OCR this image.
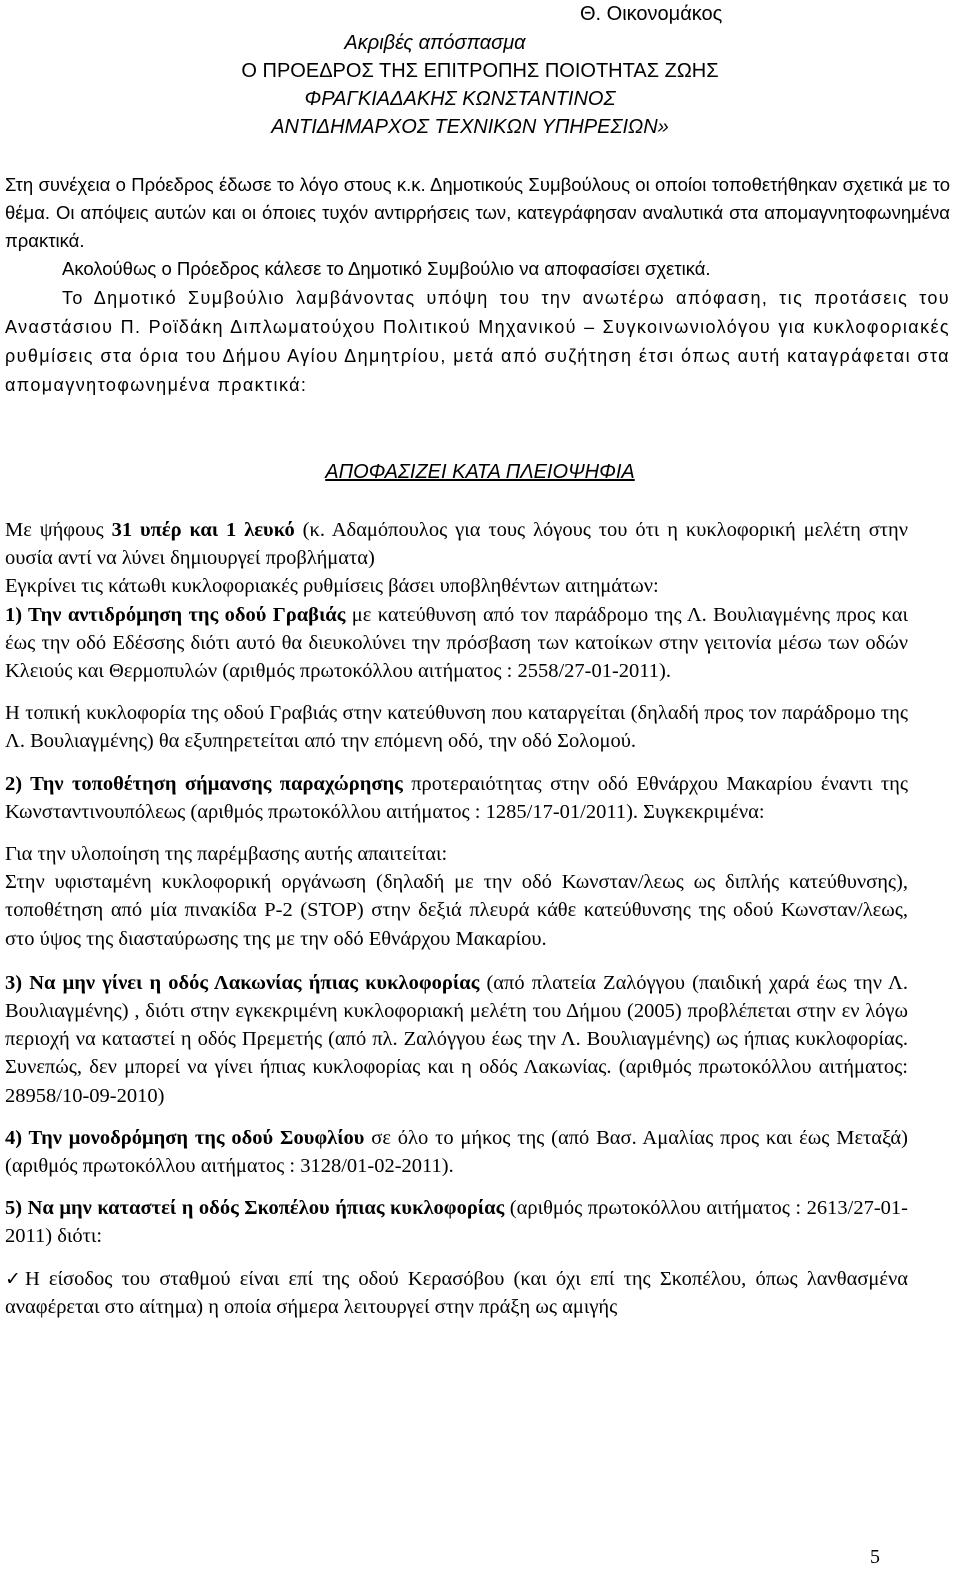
Θ. Οικονομάκος
Ακριβές απόσπασμα
Ο ΠΡΟΕΔΡΟΣ ΤΗΣ ΕΠΙΤΡΟΠΗΣ ΠΟΙΟΤΗΤΑΣ ΖΩΗΣ
ΦΡΑΓΚΙΑΔΑΚΗΣ ΚΩΝΣΤΑΝΤΙΝΟΣ
ΑΝΤΙΔΗΜΑΡΧΟΣ ΤΕΧΝΙΚΩΝ ΥΠΗΡΕΣΙΩΝ»
Στη συνέχεια ο Πρόεδρος έδωσε το λόγο στους κ.κ. Δημοτικούς Συμβούλους οι οποίοι τοποθετήθηκαν σχετικά με το θέμα. Οι απόψεις αυτών και οι όποιες τυχόν αντιρρήσεις των, κατεγράφησαν αναλυτικά στα απομαγνητοφωνημένα πρακτικά.
Ακολούθως ο Πρόεδρος κάλεσε το Δημοτικό Συμβούλιο να αποφασίσει σχετικά.
Το Δημοτικό Συμβούλιο λαμβάνοντας υπόψη του την ανωτέρω απόφαση, τις προτάσεις του Αναστάσιου Π. Ροϊδάκη Διπλωματούχου Πολιτικού Μηχανικού – Συγκοινωνιολόγου για κυκλοφοριακές ρυθμίσεις στα όρια του Δήμου Αγίου Δημητρίου, μετά από συζήτηση έτσι όπως αυτή καταγράφεται στα απομαγνητοφωνημένα πρακτικά:
ΑΠΟΦΑΣΙΖΕΙ ΚΑΤΑ ΠΛΕΙΟΨΗΦΙΑ

Με ψήφους 31 υπέρ και 1 λευκό (κ. Αδαμόπουλος για τους λόγους του ότι η κυκλοφορική μελέτη στην ουσία αντί να λύνει δημιουργεί προβλήματα)

Εγκρίνει τις κάτωθι κυκλοφοριακές ρυθμίσεις βάσει υποβληθέντων αιτημάτων:

1) Την αντιδρόμηση της οδού Γραβιάς με κατεύθυνση από τον παράδρομο της Λ. Βουλιαγμένης προς και έως την οδό Εδέσσης διότι αυτό θα διευκολύνει την πρόσβαση των κατοίκων στην γειτονία μέσω των οδών Κλειούς και Θερμοπυλών (αριθμός πρωτοκόλλου αιτήματος : 2558/27-01-2011).

Η τοπική κυκλοφορία της οδού Γραβιάς στην κατεύθυνση που καταργείται (δηλαδή προς τον παράδρομο της Λ. Βουλιαγμένης) θα εξυπηρετείται από την επόμενη οδό, την οδό Σολομού.

2) Την τοποθέτηση σήμανσης παραχώρησης προτεραιότητας στην οδό Εθνάρχου Μακαρίου έναντι της Κωνσταντινουπόλεως (αριθμός πρωτοκόλλου αιτήματος : 1285/17-01/2011). Συγκεκριμένα:

Για την υλοποίηση της παρέμβασης αυτής απαιτείται:

Στην υφισταμένη κυκλοφορική οργάνωση (δηλαδή με την οδό Κωνσταν/λεως ως διπλής κατεύθυνσης), τοποθέτηση από μία πινακίδα Ρ-2 (STOP) στην δεξιά πλευρά κάθε κατεύθυνσης της οδού Κωνσταν/λεως, στο ύψος της διασταύρωσης της με την οδό Εθνάρχου Μακαρίου.

3) Να μην γίνει η οδός Λακωνίας ήπιας κυκλοφορίας (από πλατεία Ζαλόγγου (παιδική χαρά έως την Λ. Βουλιαγμένης) , διότι στην εγκεκριμένη κυκλοφοριακή μελέτη του Δήμου (2005) προβλέπεται στην εν λόγω περιοχή να καταστεί η οδός Πρεμετής (από πλ. Ζαλόγγου έως την Λ. Βουλιαγμένης) ως ήπιας κυκλοφορίας. Συνεπώς, δεν μπορεί να γίνει ήπιας κυκλοφορίας και η οδός Λακωνίας. (αριθμός πρωτοκόλλου αιτήματος: 28958/10-09-2010)

4) Την μονοδρόμηση της οδού Σουφλίου σε όλο το μήκος της (από Βασ. Αμαλίας προς και έως Μεταξά) (αριθμός πρωτοκόλλου αιτήματος : 3128/01-02-2011).

5) Να μην καταστεί η οδός Σκοπέλου ήπιας κυκλοφορίας (αριθμός πρωτοκόλλου αιτήματος : 2613/27-01-2011) διότι:

✓Η είσοδος του σταθμού είναι επί της οδού Κερασόβου (και όχι επί της Σκοπέλου, όπως λανθασμένα αναφέρεται στο αίτημα) η οποία σήμερα λειτουργεί στην πράξη ως αμιγής

5
